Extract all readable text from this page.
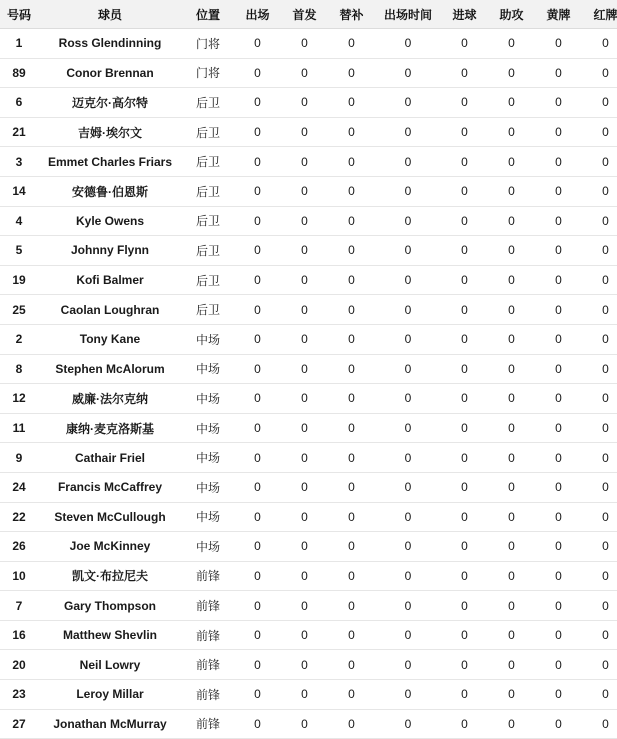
号码	球员	位置	出场	首发	替补	出场时间	进球	助攻	黄牌	红牌
1	Ross Glendinning	门将	0	0	0	0	0	0	0	0
89	Conor Brennan	门将	0	0	0	0	0	0	0	0
6	迈克尔·高尔特	后卫	0	0	0	0	0	0	0	0
21	吉姆·埃尔文	后卫	0	0	0	0	0	0	0	0
3	Emmet Charles Friars	后卫	0	0	0	0	0	0	0	0
14	安德鲁·伯恩斯	后卫	0	0	0	0	0	0	0	0
4	Kyle Owens	后卫	0	0	0	0	0	0	0	0
5	Johnny Flynn	后卫	0	0	0	0	0	0	0	0
19	Kofi Balmer	后卫	0	0	0	0	0	0	0	0
25	Caolan Loughran	后卫	0	0	0	0	0	0	0	0
2	Tony Kane	中场	0	0	0	0	0	0	0	0
8	Stephen McAlorum	中场	0	0	0	0	0	0	0	0
12	威廉·法尔克纳	中场	0	0	0	0	0	0	0	0
11	康纳·麦克洛斯基	中场	0	0	0	0	0	0	0	0
9	Cathair Friel	中场	0	0	0	0	0	0	0	0
24	Francis McCaffrey	中场	0	0	0	0	0	0	0	0
22	Steven McCullough	中场	0	0	0	0	0	0	0	0
26	Joe McKinney	中场	0	0	0	0	0	0	0	0
10	凯文·布拉尼夫	前锋	0	0	0	0	0	0	0	0
7	Gary Thompson	前锋	0	0	0	0	0	0	0	0
16	Matthew Shevlin	前锋	0	0	0	0	0	0	0	0
20	Neil Lowry	前锋	0	0	0	0	0	0	0	0
23	Leroy Millar	前锋	0	0	0	0	0	0	0	0
27	Jonathan McMurray	前锋	0	0	0	0	0	0	0	0
